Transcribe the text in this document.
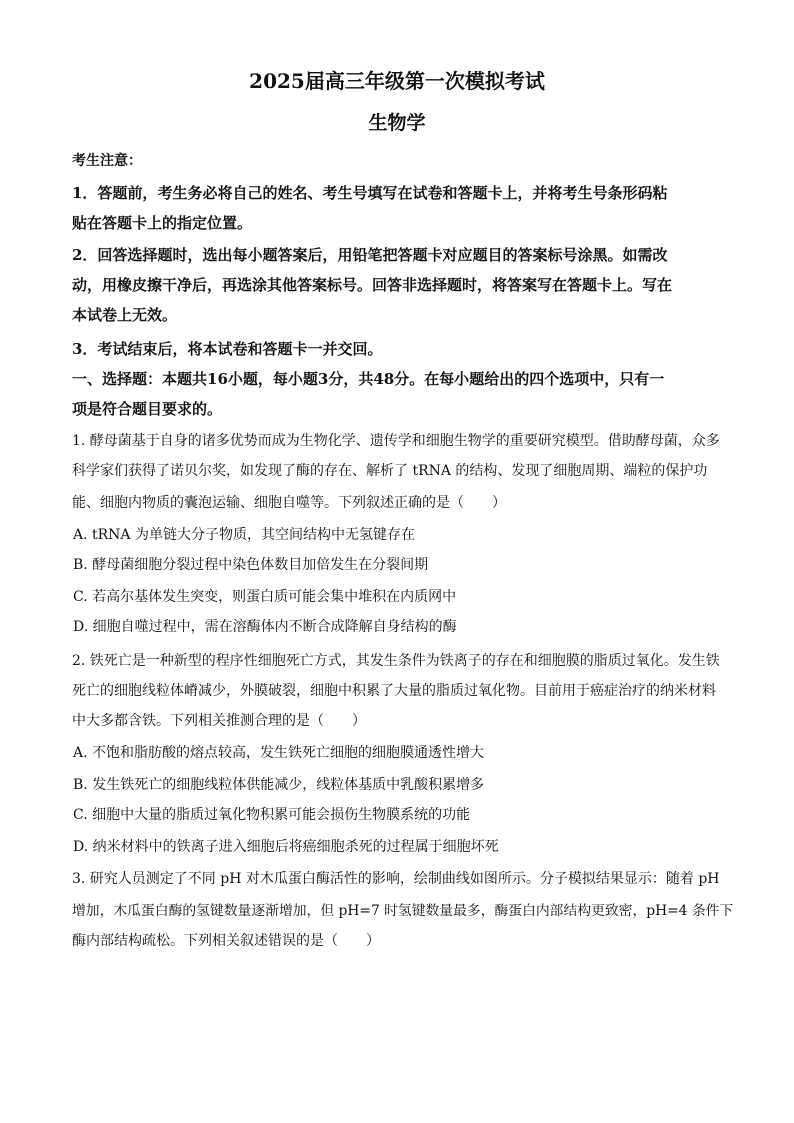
2025届高三年级第一次模拟考试
生物学
考生注意：
1．答题前，考生务必将自己的姓名、考生号填写在试卷和答题卡上，并将考生号条形码粘
贴在答题卡上的指定位置。
2．回答选择题时，选出每小题答案后，用铅笔把答题卡对应题目的答案标号涂黑。如需改
动，用橡皮擦干净后，再选涂其他答案标号。回答非选择题时，将答案写在答题卡上。写在
本试卷上无效。
3．考试结束后，将本试卷和答题卡一并交回。
一、选择题：本题共16小题，每小题3分，共48分。在每小题给出的四个选项中，只有一
项是符合题目要求的。
1. 酵母菌基于自身的诸多优势而成为生物化学、遗传学和细胞生物学的重要研究模型。借助酵母菌，众多
科学家们获得了诺贝尔奖，如发现了酶的存在、解析了 tRNA 的结构、发现了细胞周期、端粒的保护功
能、细胞内物质的囊泡运输、细胞自噬等。下列叙述正确的是（　　）
A. tRNA 为单链大分子物质，其空间结构中无氢键存在
B. 酵母菌细胞分裂过程中染色体数目加倍发生在分裂间期
C. 若高尔基体发生突变，则蛋白质可能会集中堆积在内质网中
D. 细胞自噬过程中，需在溶酶体内不断合成降解自身结构的酶
2. 铁死亡是一种新型的程序性细胞死亡方式，其发生条件为铁离子的存在和细胞膜的脂质过氧化。发生铁
死亡的细胞线粒体嵴减少，外膜破裂，细胞中积累了大量的脂质过氧化物。目前用于癌症治疗的纳米材料
中大多都含铁。下列相关推测合理的是（　　）
A. 不饱和脂肪酸的熔点较高，发生铁死亡细胞的细胞膜通透性增大
B. 发生铁死亡的细胞线粒体供能减少，线粒体基质中乳酸积累增多
C. 细胞中大量的脂质过氧化物积累可能会损伤生物膜系统的功能
D. 纳米材料中的铁离子进入细胞后将癌细胞杀死的过程属于细胞坏死
3. 研究人员测定了不同 pH 对木瓜蛋白酶活性的影响，绘制曲线如图所示。分子模拟结果显示：随着 pH
增加，木瓜蛋白酶的氢键数量逐渐增加，但 pH=7 时氢键数量最多，酶蛋白内部结构更致密，pH=4 条件下
酶内部结构疏松。下列相关叙述错误的是（　　）
